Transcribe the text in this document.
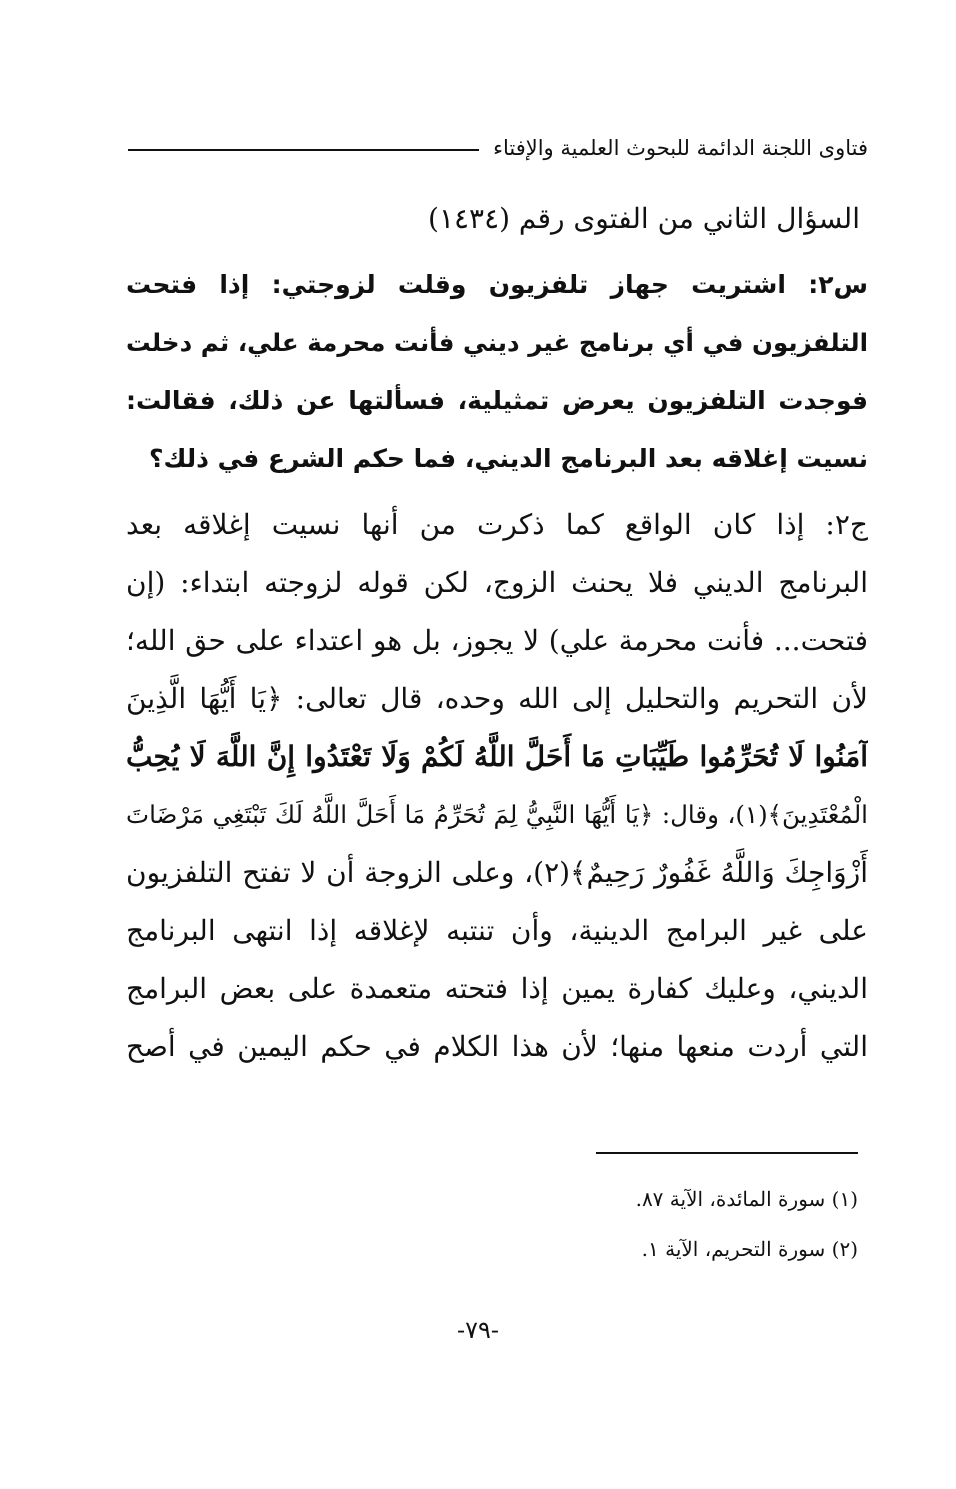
فتاوى اللجنة الدائمة للبحوث العلمية والإفتاء
السؤال الثاني من الفتوى رقم (١٤٣٤)
س٢: اشتريت جهاز تلفزيون وقلت لزوجتي: إذا فتحت
التلفزيون في أي برنامج غير ديني فأنت محرمة علي، ثم دخلت
فوجدت التلفزيون يعرض تمثيلية، فسألتها عن ذلك، فقالت:
نسيت إغلاقه بعد البرنامج الديني، فما حكم الشرع في ذلك؟
ج٢: إذا كان الواقع كما ذكرت من أنها نسيت إغلاقه بعد
البرنامج الديني فلا يحنث الزوج، لكن قوله لزوجته ابتداء: (إن
فتحت... فأنت محرمة علي) لا يجوز، بل هو اعتداء على حق الله؛
لأن التحريم والتحليل إلى الله وحده، قال تعالى: ﴿يَا أَيُّهَا الَّذِينَ
آمَنُوا لَا تُحَرِّمُوا طَيِّبَاتِ مَا أَحَلَّ اللَّهُ لَكُمْ وَلَا تَعْتَدُوا إِنَّ اللَّهَ لَا يُحِبُّ
الْمُعْتَدِينَ﴾(١)، وقال: ﴿يَا أَيُّهَا النَّبِيُّ لِمَ تُحَرِّمُ مَا أَحَلَّ اللَّهُ لَكَ تَبْتَغِي مَرْضَاتَ
أَزْوَاجِكَ وَاللَّهُ غَفُورٌ رَحِيمٌ﴾(٢)، وعلى الزوجة أن لا تفتح التلفزيون
على غير البرامج الدينية، وأن تنتبه لإغلاقه إذا انتهى البرنامج
الديني، وعليك كفارة يمين إذا فتحته متعمدة على بعض البرامج
التي أردت منعها منها؛ لأن هذا الكلام في حكم اليمين في أصح
(١) سورة المائدة، الآية ٨٧.
(٢) سورة التحريم، الآية ١.
-٧٩-
